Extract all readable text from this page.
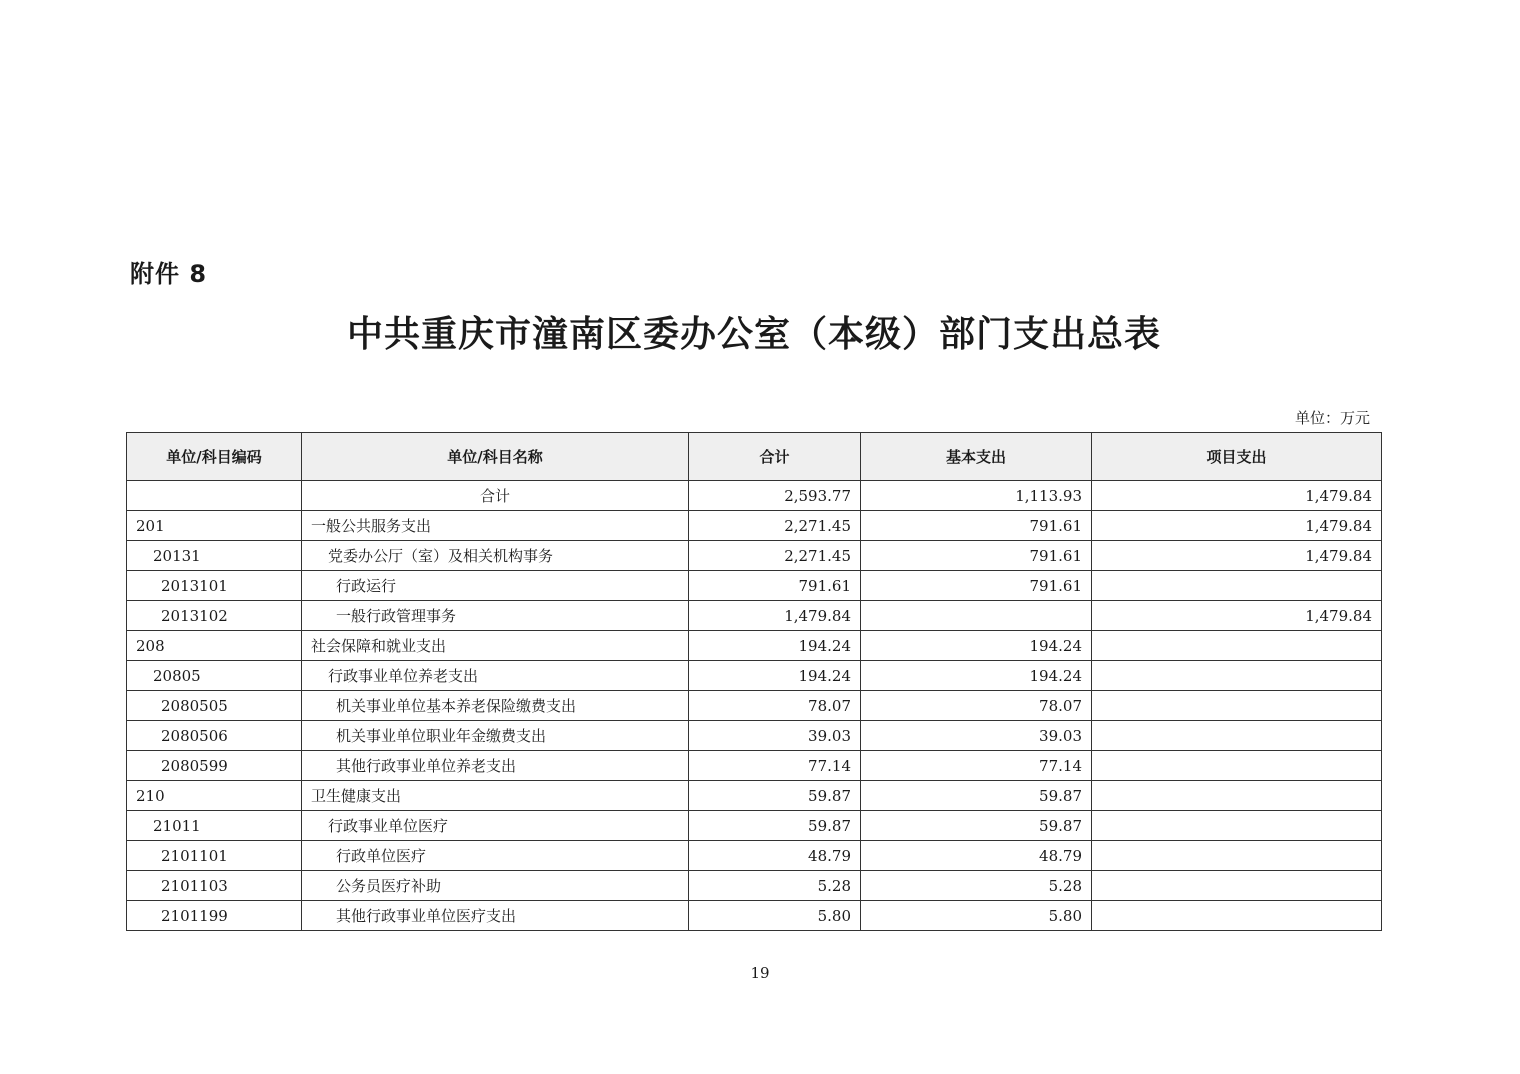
附件 8
中共重庆市潼南区委办公室（本级）部门支出总表
单位：万元
单位/科目编码	单位/科目名称	合计	基本支出	项目支出
	合计	2,593.77	1,113.93	1,479.84
201	一般公共服务支出	2,271.45	791.61	1,479.84
20131	党委办公厅（室）及相关机构事务	2,271.45	791.61	1,479.84
2013101	行政运行	791.61	791.61	
2013102	一般行政管理事务	1,479.84		1,479.84
208	社会保障和就业支出	194.24	194.24	
20805	行政事业单位养老支出	194.24	194.24	
2080505	机关事业单位基本养老保险缴费支出	78.07	78.07	
2080506	机关事业单位职业年金缴费支出	39.03	39.03	
2080599	其他行政事业单位养老支出	77.14	77.14	
210	卫生健康支出	59.87	59.87	
21011	行政事业单位医疗	59.87	59.87	
2101101	行政单位医疗	48.79	48.79	
2101103	公务员医疗补助	5.28	5.28	
2101199	其他行政事业单位医疗支出	5.80	5.80	
19
